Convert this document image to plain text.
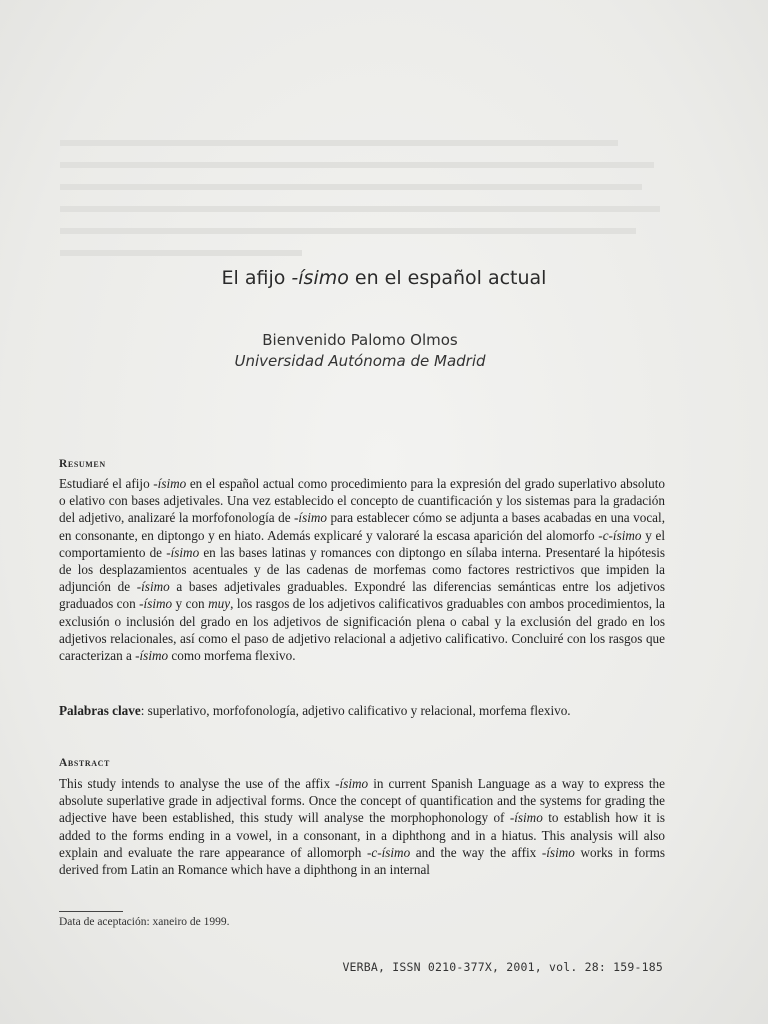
El afijo -ísimo en el español actual
Bienvenido Palomo Olmos
Universidad Autónoma de Madrid
Resumen
Estudiaré el afijo -ísimo en el español actual como procedimiento para la expresión del grado superlativo absoluto o elativo con bases adjetivales. Una vez establecido el concepto de cuantificación y los sistemas para la gradación del adjetivo, analizaré la morfofonología de -ísimo para establecer cómo se adjunta a bases acabadas en una vocal, en consonante, en diptongo y en hiato. Además explicaré y valoraré la escasa aparición del alomorfo -c-ísimo y el comportamiento de -ísimo en las bases latinas y romances con diptongo en sílaba interna. Presentaré la hipótesis de los desplazamientos acentuales y de las cadenas de morfemas como factores restrictivos que impiden la adjunción de -ísimo a bases adjetivales graduables. Expondré las diferencias semánticas entre los adjetivos graduados con -ísimo y con muy, los rasgos de los adjetivos calificativos graduables con ambos procedimientos, la exclusión o inclusión del grado en los adjetivos de significación plena o cabal y la exclusión del grado en los adjetivos relacionales, así como el paso de adjetivo relacional a adjetivo calificativo. Concluiré con los rasgos que caracterizan a -ísimo como morfema flexivo.
Palabras clave: superlativo, morfofonología, adjetivo calificativo y relacional, morfema flexivo.
Abstract
This study intends to analyse the use of the affix -ísimo in current Spanish Language as a way to express the absolute superlative grade in adjectival forms. Once the concept of quantification and the systems for grading the adjective have been established, this study will analyse the morphophonology of -ísimo to establish how it is added to the forms ending in a vowel, in a consonant, in a diphthong and in a hiatus. This analysis will also explain and evaluate the rare appearance of allomorph -c-ísimo and the way the affix -ísimo works in forms derived from Latin an Romance which have a diphthong in an internal
Data de aceptación: xaneiro de 1999.
VERBA, ISSN 0210-377X, 2001, vol. 28: 159-185
